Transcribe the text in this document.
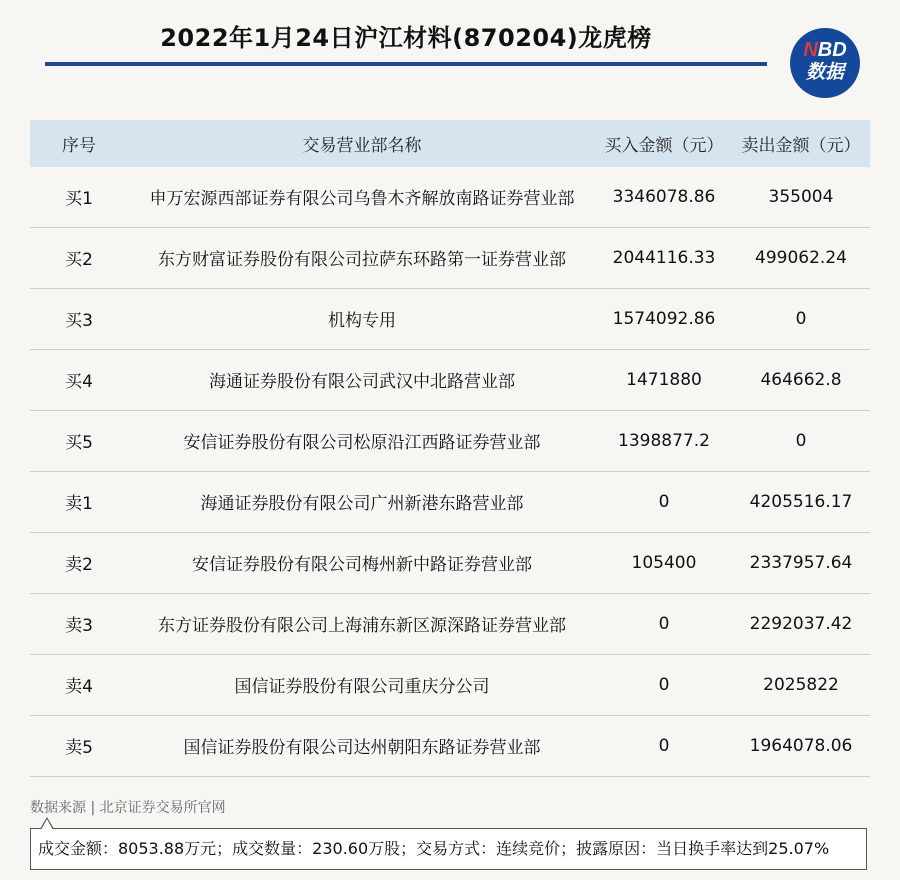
2022年1月24日沪江材料(870204)龙虎榜	NBD
数据
序号	交易营业部名称	买入金额（元）	卖出金额（元）
买1	申万宏源西部证券有限公司乌鲁木齐解放南路证券营业部	3346078.86	355004
买2	东方财富证券股份有限公司拉萨东环路第一证券营业部	2044116.33	499062.24
买3	机构专用	1574092.86	0
买4	海通证券股份有限公司武汉中北路营业部	1471880	464662.8
买5	安信证券股份有限公司松原沿江西路证券营业部	1398877.2	0
卖1	海通证券股份有限公司广州新港东路营业部	0	4205516.17
卖2	安信证券股份有限公司梅州新中路证券营业部	105400	2337957.64
卖3	东方证券股份有限公司上海浦东新区源深路证券营业部	0	2292037.42
卖4	国信证券股份有限公司重庆分公司	0	2025822
卖5	国信证券股份有限公司达州朝阳东路证券营业部	0	1964078.06
数据来源 | 北京证券交易所官网
成交金额：8053.88万元；成交数量：230.60万股；交易方式：连续竞价；披露原因：当日换手率达到25.07%
